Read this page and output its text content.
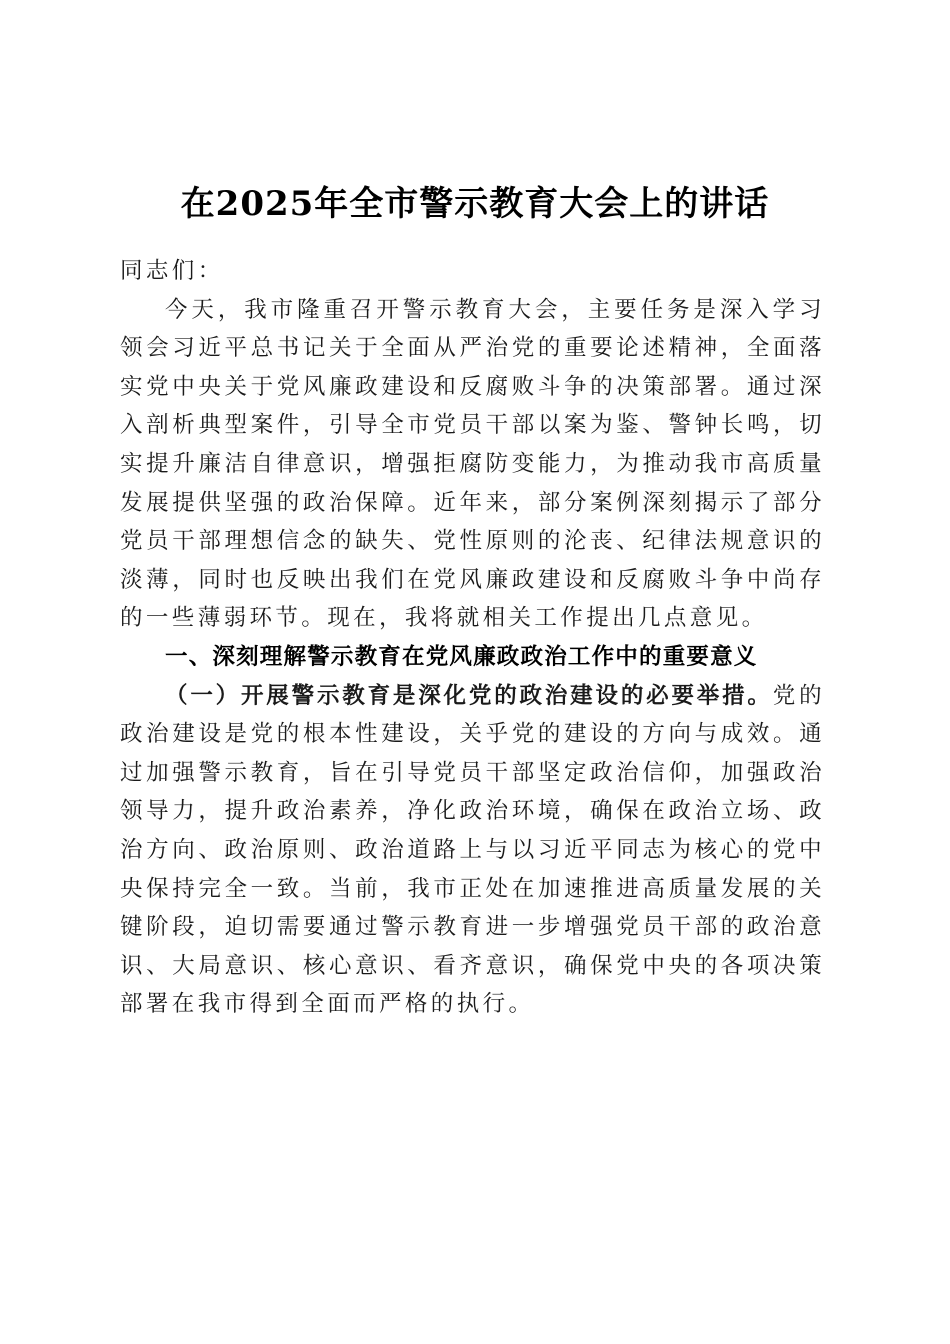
在2025年全市警示教育大会上的讲话

同志们：

今天，我市隆重召开警示教育大会，主要任务是深入学习领会习近平总书记关于全面从严治党的重要论述精神，全面落实党中央关于党风廉政建设和反腐败斗争的决策部署。通过深入剖析典型案件，引导全市党员干部以案为鉴、警钟长鸣，切实提升廉洁自律意识，增强拒腐防变能力，为推动我市高质量发展提供坚强的政治保障。近年来，部分案例深刻揭示了部分党员干部理想信念的缺失、党性原则的沦丧、纪律法规意识的淡薄，同时也反映出我们在党风廉政建设和反腐败斗争中尚存的一些薄弱环节。现在，我将就相关工作提出几点意见。

一、深刻理解警示教育在党风廉政政治工作中的重要意义

（一）开展警示教育是深化党的政治建设的必要举措。党的政治建设是党的根本性建设，关乎党的建设的方向与成效。通过加强警示教育，旨在引导党员干部坚定政治信仰，加强政治领导力，提升政治素养，净化政治环境，确保在政治立场、政治方向、政治原则、政治道路上与以习近平同志为核心的党中央保持完全一致。当前，我市正处在加速推进高质量发展的关键阶段，迫切需要通过警示教育进一步增强党员干部的政治意识、大局意识、核心意识、看齐意识，确保党中央的各项决策部署在我市得到全面而严格的执行。
